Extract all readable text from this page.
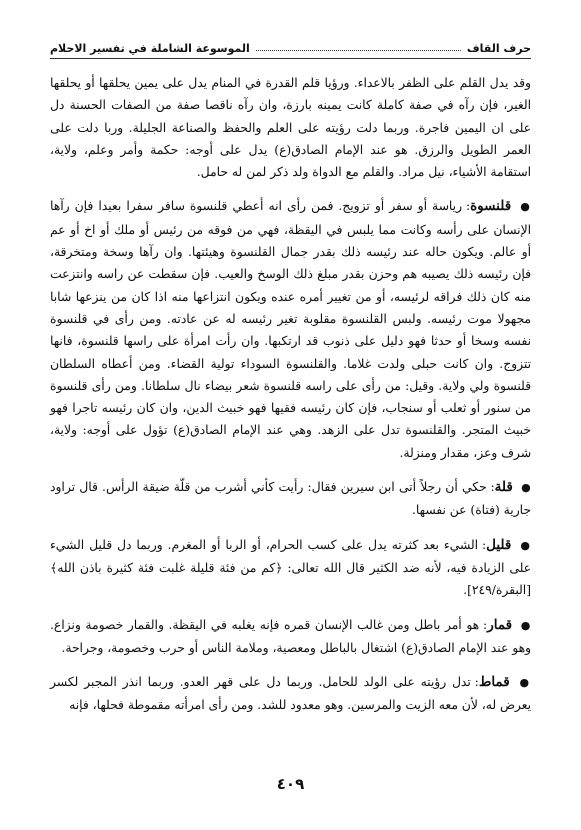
حرف القاف
الموسوعة الشاملة في تفسير الاحلام

وقد يدل القلم على الظفر بالاعداء. ورؤيا قلم القدرة في المنام يدل على يمين يحلقها أو يحلقها الغير، فإن رآه في صفة كاملة كانت يمينه بارزة، وان رآه ناقصا صفة من الصفات الحسنة دل على ان اليمين فاجرة. وربما دلت رؤيته على العلم والحفظ والصناعة الجليلة. وربا دلت على العمر الطويل والرزق. هو عند الإمام الصادق(ع) يدل على أوجه: حكمة وأمر وعلم، ولاية، استقامة الأشياء، نيل مراد. والقلم مع الدواة ولد ذكر لمن له حامل.

● قلنسوة: رياسة أو سفر أو تزويج. فمن رأى انه أعطي قلنسوة سافر سفرا بعيدا فإن رآها الإنسان على رأسه وكانت مما يلبس في اليقظة، فهي من فوقه من رئيس أو ملك أو اخ أو عم أو عالم. ويكون حاله عند رئيسه ذلك بقدر جمال القلنسوة وهيئتها. وان رآها وسخة ومتخرقة، فإن رئيسه ذلك يصيبه هم وحزن بقدر مبلغ ذلك الوسخ والعيب. فإن سقطت عن راسه وانتزعت منه كان ذلك فراقه لرئيسه، أو من تغيير أمره عنده ويكون انتزاعها منه اذا كان من ينزعها شابا مجهولا موت رئيسه. ولبس القلنسوة مقلوبة تغير رئيسه له عن عادته. ومن رأى في قلنسوة نفسه وسخا أو حدثا فهو دليل على ذنوب قد ارتكبها. وان رأت امرأة على راسها قلنسوة، فانها تتزوج. وان كانت حبلى ولدت غلاما. والقلنسوة السوداء تولية القضاء. ومن أعطاه السلطان قلنسوة ولي ولاية. وقيل: من رأى على راسه قلنسوة شعر بيضاء نال سلطانا. ومن رأى قلنسوة من سنور أو ثعلب أو سنجاب، فإن كان رئيسه فقيها فهو خبيث الدين، وان كان رئيسه تاجرا فهو خبيث المتجر. والقلنسوة تدل على الزهد. وهي عند الإمام الصادق(ع) تؤول على أوجه: ولاية، شرف وعز، مقدار ومنزلة.

● قلة: حكي أن رجلاً أتى ابن سيرين فقال: رأيت كأني أشرب من قلّة ضيقة الرأس. قال تراود جارية (فتاة) عن نفسها.

● قليل: الشيء بعد كثرته يدل على كسب الحرام، أو الربا أو المغرم. وربما دل قليل الشيء على الزيادة فيه، لأنه ضد الكثير قال الله تعالى: ﴿كم من فئة قليلة غلبت فئة كثيرة باذن الله﴾[البقرة/٢٤٩].

● قمار: هو أمر باطل ومن غالب الإنسان قمره فإنه يغلبه في اليقظة. والقمار خصومة ونزاع. وهو عند الإمام الصادق(ع) اشتغال بالباطل ومعصية، وملامة الناس أو حرب وخصومة، وجراحة.

● قماط: تدل رؤيته على الولد للحامل. وربما دل على قهر العدو. وربما انذر المجبر لكسر يعرض له، لأن معه الزيت والمرسين. وهو معدود للشد. ومن رأى امرأته مقموطة فحلها، فإنه

٤٠٩
